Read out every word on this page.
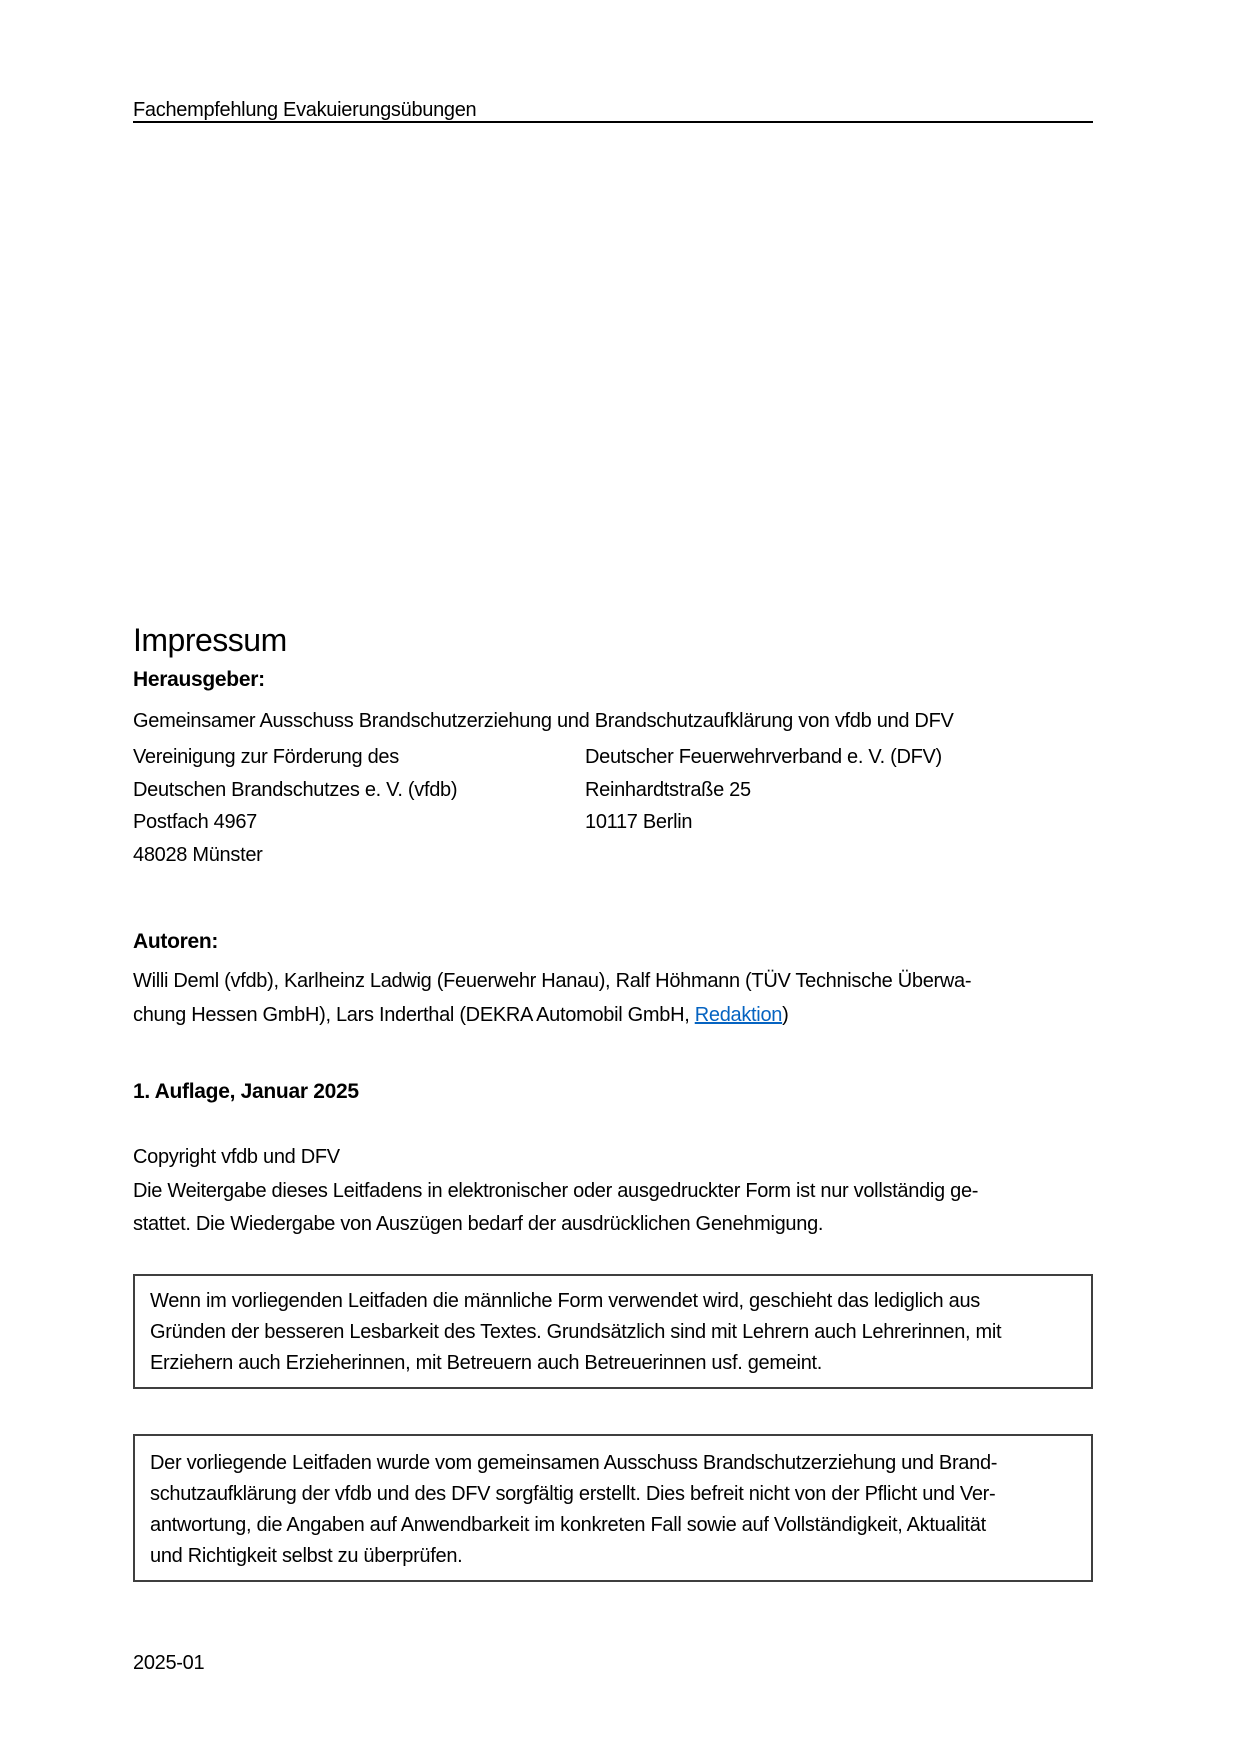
Fachempfehlung Evakuierungsübungen
Impressum
Herausgeber:
Gemeinsamer Ausschuss Brandschutzerziehung und Brandschutzaufklärung von vfdb und DFV
Vereinigung zur Förderung des
Deutschen Brandschutzes e. V. (vfdb)
Postfach 4967
48028 Münster
Deutscher Feuerwehrverband e. V. (DFV)
Reinhardtstraße 25
10117 Berlin
Autoren:
Willi Deml (vfdb), Karlheinz Ladwig (Feuerwehr Hanau), Ralf Höhmann (TÜV Technische Überwa-
chung Hessen GmbH), Lars Inderthal (DEKRA Automobil GmbH, Redaktion)
1. Auflage, Januar 2025
Copyright vfdb und DFV
Die Weitergabe dieses Leitfadens in elektronischer oder ausgedruckter Form ist nur vollständig ge-
stattet. Die Wiedergabe von Auszügen bedarf der ausdrücklichen Genehmigung.
Wenn im vorliegenden Leitfaden die männliche Form verwendet wird, geschieht das lediglich aus
Gründen der besseren Lesbarkeit des Textes. Grundsätzlich sind mit Lehrern auch Lehrerinnen, mit
Erziehern auch Erzieherinnen, mit Betreuern auch Betreuerinnen usf. gemeint.
Der vorliegende Leitfaden wurde vom gemeinsamen Ausschuss Brandschutzerziehung und Brand-
schutzaufklärung der vfdb und des DFV sorgfältig erstellt. Dies befreit nicht von der Pflicht und Ver-
antwortung, die Angaben auf Anwendbarkeit im konkreten Fall sowie auf Vollständigkeit, Aktualität
und Richtigkeit selbst zu überprüfen.
2025-01
